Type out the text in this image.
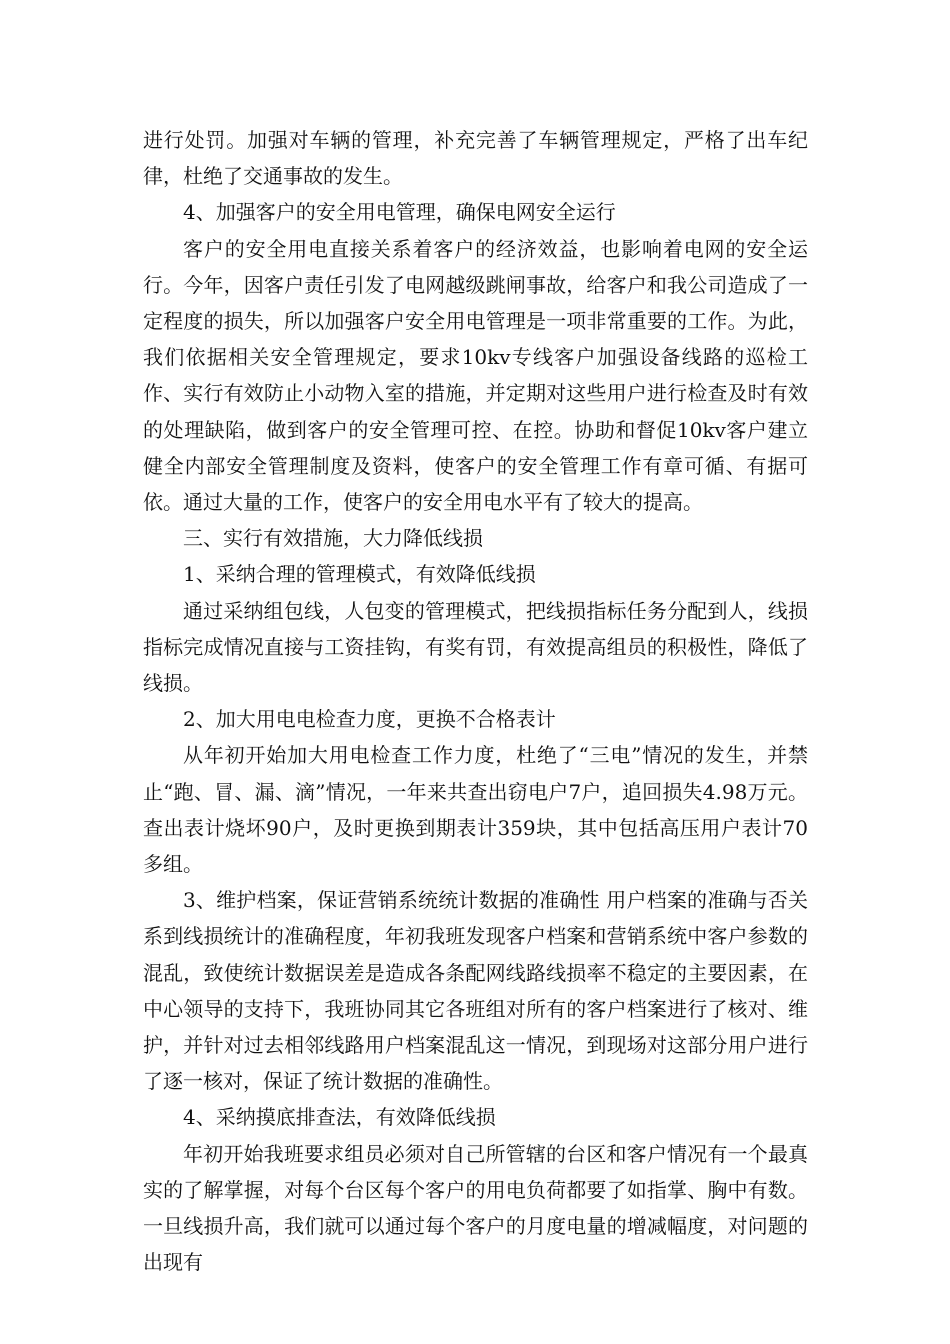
进行处罚。加强对车辆的管理，补充完善了车辆管理规定，严格了出车纪律，杜绝了交通事故的发生。

4、加强客户的安全用电管理，确保电网安全运行

客户的安全用电直接关系着客户的经济效益，也影响着电网的安全运行。今年，因客户责任引发了电网越级跳闸事故，给客户和我公司造成了一定程度的损失，所以加强客户安全用电管理是一项非常重要的工作。为此，我们依据相关安全管理规定，要求10kv专线客户加强设备线路的巡检工作、实行有效防止小动物入室的措施，并定期对这些用户进行检查及时有效的处理缺陷，做到客户的安全管理可控、在控。协助和督促10kv客户建立健全内部安全管理制度及资料，使客户的安全管理工作有章可循、有据可依。通过大量的工作，使客户的安全用电水平有了较大的提高。

三、实行有效措施，大力降低线损

1、采纳合理的管理模式，有效降低线损

通过采纳组包线，人包变的管理模式，把线损指标任务分配到人，线损指标完成情况直接与工资挂钩，有奖有罚，有效提高组员的积极性，降低了线损。

2、加大用电电检查力度，更换不合格表计

从年初开始加大用电检查工作力度，杜绝了“三电”情况的发生，并禁止“跑、冒、漏、滴”情况，一年来共查出窃电户7户，追回损失4.98万元。查出表计烧坏90户，及时更换到期表计359块，其中包括高压用户表计70多组。

3、维护档案，保证营销系统统计数据的准确性 用户档案的准确与否关系到线损统计的准确程度，年初我班发现客户档案和营销系统中客户参数的混乱，致使统计数据误差是造成各条配网线路线损率不稳定的主要因素，在中心领导的支持下，我班协同其它各班组对所有的客户档案进行了核对、维护，并针对过去相邻线路用户档案混乱这一情况，到现场对这部分用户进行了逐一核对，保证了统计数据的准确性。

4、采纳摸底排查法，有效降低线损

年初开始我班要求组员必须对自己所管辖的台区和客户情况有一个最真实的了解掌握，对每个台区每个客户的用电负荷都要了如指掌、胸中有数。一旦线损升高，我们就可以通过每个客户的月度电量的增减幅度，对问题的出现有
